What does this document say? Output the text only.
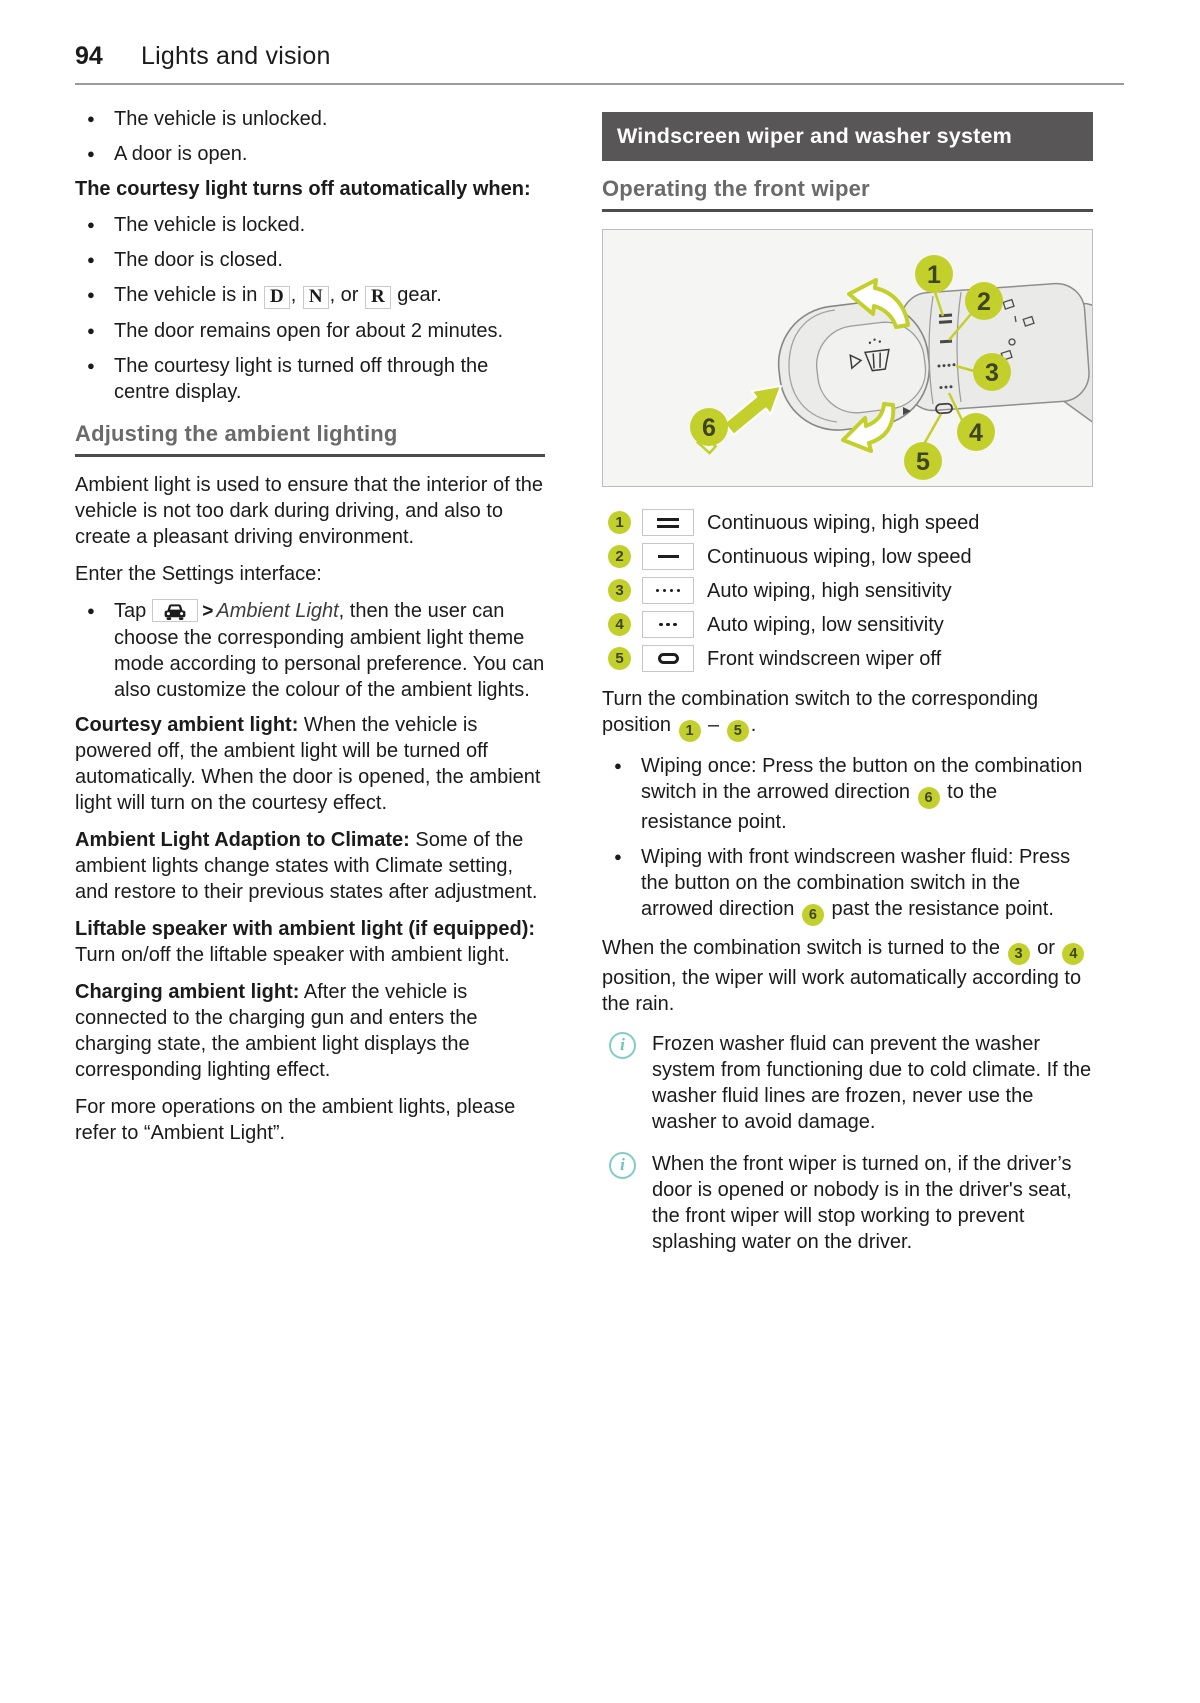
94	Lights and vision
● The vehicle is unlocked.
● A door is open.

The courtesy light turns off automatically when:

● The vehicle is locked.
● The door is closed.
● The vehicle is in D , N , or R gear.
● The door remains open for about 2 minutes.
● The courtesy light is turned off through the centre display.
Adjusting the ambient lighting

Ambient light is used to ensure that the interior of the vehicle is not too dark during driving, and also to create a pleasant driving environment.

Enter the Settings interface:

● Tap	> Ambient Light, then the user can choose the corresponding ambient light theme mode according to personal preference. You can also customize the colour of the ambient lights.

Courtesy ambient light: When the vehicle is powered off, the ambient light will be turned off automatically. When the door is opened, the ambient light will turn on the courtesy effect.

Ambient Light Adaption to Climate: Some of the ambient lights change states with Climate setting, and restore to their previous states after adjustment.

Liftable speaker with ambient light (if equipped): Turn on/off the liftable speaker with ambient light.

Charging ambient light: After the vehicle is connected to the charging gun and enters the charging state, the ambient light displays the corresponding lighting effect.

For more operations on the ambient lights, please refer to “Ambient Light”.

Windscreen wiper and washer system
Operating the front wiper
1
2
3
4
5
6
1	Continuous wiping, high speed
2	Continuous wiping, low speed
3	Auto wiping, high sensitivity
4	Auto wiping, low sensitivity
5	Front windscreen wiper off

Turn the combination switch to the corresponding position 1 – 5 .

● Wiping once: Press the button on the combination switch in the arrowed direction 6 to the resistance point.
● Wiping with front windscreen washer fluid: Press the button on the combination switch in the arrowed direction 6 past the resistance point.

When the combination switch is turned to the 3 or 4 position, the wiper will work automatically according to the rain.

i
Frozen washer fluid can prevent the washer system from functioning due to cold climate. If the washer fluid lines are frozen, never use the washer to avoid damage.
i
When the front wiper is turned on, if the driver’s door is opened or nobody is in the driver's seat, the front wiper will stop working to prevent splashing water on the driver.
